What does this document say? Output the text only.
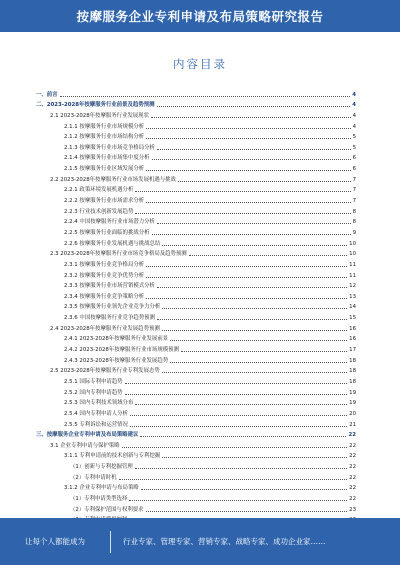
按摩服务企业专利申请及布局策略研究报告
内容目录
一、前言	4
二、2023-2028年按摩服务行业前景及趋势预测	4
2.1 2023-2028年按摩服务行业发展现状	4
2.1.1 按摩服务行业市场规模分析	4
2.1.2 按摩服务行业市场结构分析	5
2.1.3 按摩服务行业市场竞争格局分析	5
2.1.4 按摩服务行业市场集中度分析	6
2.1.5 按摩服务行业区域发展分析	6
2.2 2023-2028年按摩服务行业市场发展机遇与挑战	7
2.2.1 政策环境发展机遇分析	7
2.2.2 按摩服务行业市场需求分析	7
2.2.3 行业技术创新发展趋势	8
2.2.4 中国按摩服务行业市场潜力分析	8
2.2.5 按摩服务行业面临的挑战分析	9
2.2.6 按摩服务行业发展机遇与挑战总结	10
2.3 2023-2028年按摩服务行业市场竞争格局及趋势预测	10
2.3.1 按摩服务行业竞争格局分析	11
2.3.2 按摩服务行业竞争优势分析	11
2.3.3 按摩服务行业市场营销模式分析	12
2.3.4 按摩服务行业竞争策略分析	13
2.3.5 按摩服务行业领先企业竞争力分析	14
2.3.6 中国按摩服务行业竞争趋势预测	15
2.4 2023-2028年按摩服务行业发展趋势预测	16
2.4.1 2023-2028年按摩服务行业发展前景	16
2.4.2 2023-2028年按摩服务行业市场规模预测	17
2.4.3 2023-2028年按摩服务行业发展趋势	18
2.5 2023-2028年按摩服务行业专利发展态势	18
2.5.1 国际专利申请趋势	18
2.5.2 国内专利申请趋势	19
2.5.3 国内专利技术领域分布	19
2.5.4 国内专利申请人分析	20
2.5.5 专利诉讼和运营情况	21
三、按摩服务企业专利申请及布局策略建议	22
3.1 企业专利申请与保护策略	22
3.1.1 专利申请前的技术创新与专利挖掘	22
（1）创新与专利挖掘管理	22
（2）专利申请时机	22
3.1.2 企业专利申请与布局策略	22
（1）专利申请类型选择	22
（2）专利保护范围与权利要求	23
让每个人都能成为	行业专家、管理专家、营销专家、战略专家、成功企业家……
